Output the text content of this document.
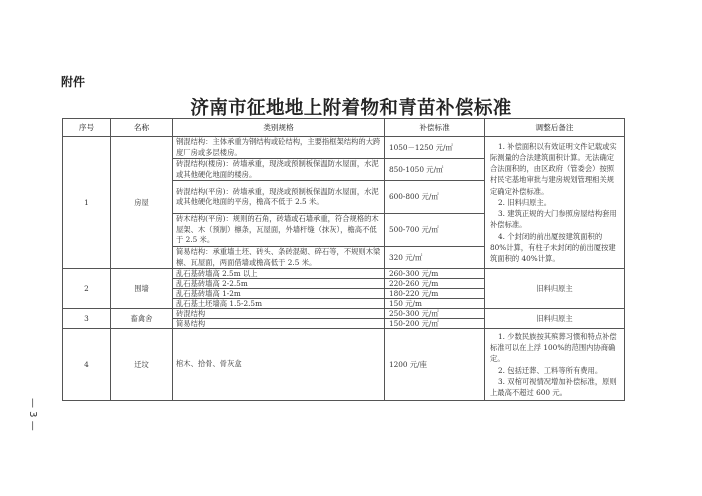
附件
济南市征地地上附着物和青苗补偿标准
— 3 —
序号	名称	类别规格	补偿标准	调整后备注
1	房屋	钢混结构：主体承重为钢结构或砼结构，主要指框架结构的大跨度厂房或多层楼房。	1050－1250 元/㎡	1. 补偿面积以有效证明文件记载或实际测量的合法建筑面积计算。无法确定合法面积的，由区政府（管委会）按照村民宅基地审批与建房规划管理相关规定确定补偿标准。

2. 旧料归原主。

3. 建筑正规的大门参照房屋结构套用补偿标准。

4. 个封闭的前出厦按建筑面积的 80%计算，有柱子未封闭的前出厦按建筑面积的 40%计算。

		砖混结构(楼房)：砖墙承重，现浇或预制板保温防水屋面，水泥或其他硬化地面的楼房。	850-1050 元/㎡	
		砖混结构(平房)：砖墙承重，现浇或预制板保温防水屋面，水泥或其他硬化地面的平房，檐高不低于 2.5 米。	600-800 元/㎡	
		砖木结构(平房)：规则的石角，砖墙或石墙承重，符合规格的木屋架、木（预制）檩条，瓦屋面，外墙杆缝（抹灰），檐高不低于 2.5 米。	500-700 元/㎡	
		简易结构：承重墙土坯、砖头、条砖混砌、碎石等，不规则木梁檩、瓦屋面，两面借墙或檐高低于 2.5 米。	320 元/㎡	
2	围墙	乱石基砖墙高 2.5m 以上	260-300 元/m	旧料归原主
		乱石基砖墙高 2-2.5m	220-260 元/m	
		乱石基砖墙高 1-2m	180-220 元/m	
		乱石基土坯墙高 1.5-2.5m	150 元/m	
3	畜禽舍	砖混结构	250-300 元/㎡	旧料归原主
		简易结构	150-200 元/㎡	
4	迁坟	棺木、拾骨、骨灰盒	1200 元/座	1. 少数民族按其殡葬习惯和特点补偿标准可以在上浮 100%的范围内协商确定。

2. 包括迁葬、工料等所有费用。

3. 双棺可视情况增加补偿标准，原则上最高不超过 600 元。
